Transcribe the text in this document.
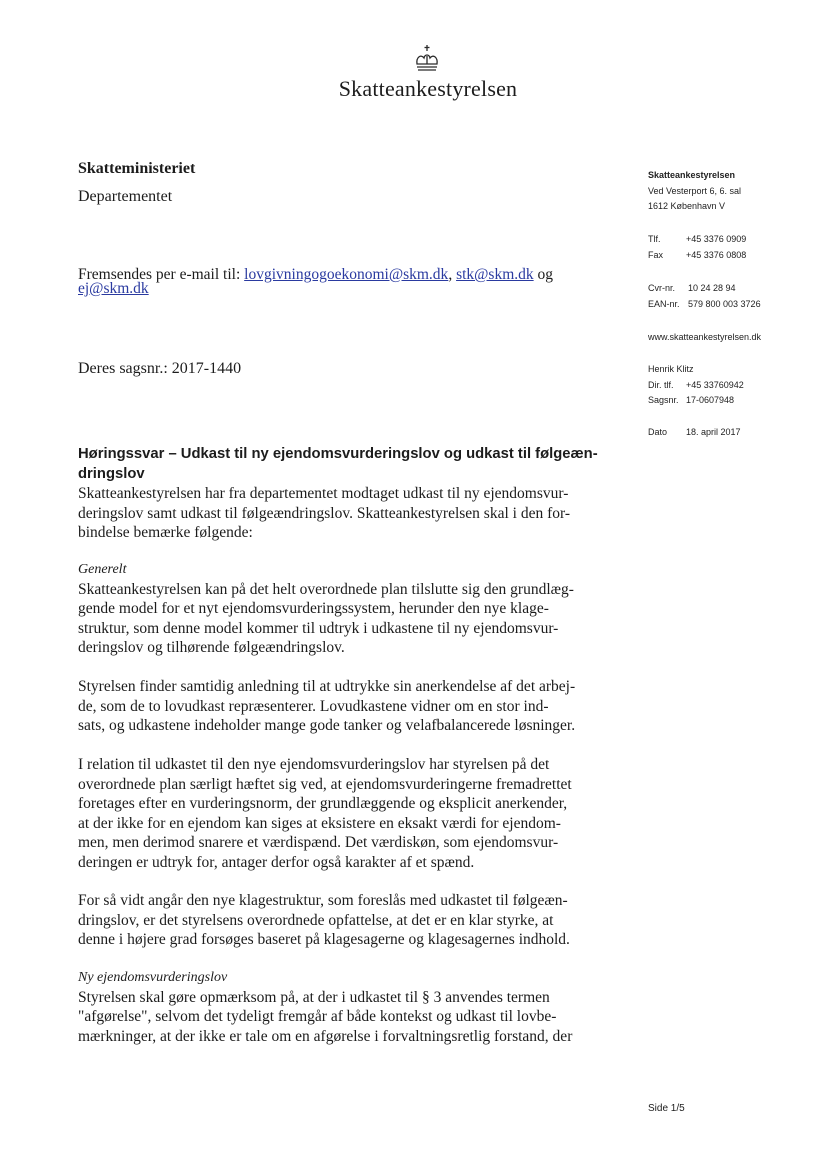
Skatteankestyrelsen
Skatteministeriet
Departementet
Fremsendes per e-mail til: lovgivningogoekonomi@skm.dk, stk@skm.dk og
ej@skm.dk
Deres sagsnr.: 2017-1440
Skatteankestyrelsen
Ved Vesterport 6, 6. sal
1612 København V
Tlf.	+45 3376 0909
Fax	+45 3376 0808
Cvr-nr. 10 24 28 94
EAN-nr. 579 800 003 3726
www.skatteankestyrelsen.dk
Henrik Klitz
Dir. tlf. +45 33760942
Sagsnr. 17-0607948
Dato 18. april 2017
Høringssvar – Udkast til ny ejendomsvurderingslov og udkast til følgeæn-
dringslov
Skatteankestyrelsen har fra departementet modtaget udkast til ny ejendomsvur-
deringslov samt udkast til følgeændringslov. Skatteankestyrelsen skal i den for-
bindelse bemærke følgende:
Generelt
Skatteankestyrelsen kan på det helt overordnede plan tilslutte sig den grundlæg-
gende model for et nyt ejendomsvurderingssystem, herunder den nye klage-
struktur, som denne model kommer til udtryk i udkastene til ny ejendomsvur-
deringslov og tilhørende følgeændringslov.
Styrelsen finder samtidig anledning til at udtrykke sin anerkendelse af det arbej-
de, som de to lovudkast repræsenterer. Lovudkastene vidner om en stor ind-
sats, og udkastene indeholder mange gode tanker og velafbalancerede løsninger.
I relation til udkastet til den nye ejendomsvurderingslov har styrelsen på det
overordnede plan særligt hæftet sig ved, at ejendomsvurderingerne fremadrettet
foretages efter en vurderingsnorm, der grundlæggende og eksplicit anerkender,
at der ikke for en ejendom kan siges at eksistere en eksakt værdi for ejendom-
men, men derimod snarere et værdispænd. Det værdiskøn, som ejendomsvur-
deringen er udtryk for, antager derfor også karakter af et spænd.
For så vidt angår den nye klagestruktur, som foreslås med udkastet til følgeæn-
dringslov, er det styrelsens overordnede opfattelse, at det er en klar styrke, at
denne i højere grad forsøges baseret på klagesagerne og klagesagernes indhold.
Ny ejendomsvurderingslov
Styrelsen skal gøre opmærksom på, at der i udkastet til § 3 anvendes termen
"afgørelse", selvom det tydeligt fremgår af både kontekst og udkast til lovbe-
mærkninger, at der ikke er tale om en afgørelse i forvaltningsretlig forstand, der
Side 1/5
